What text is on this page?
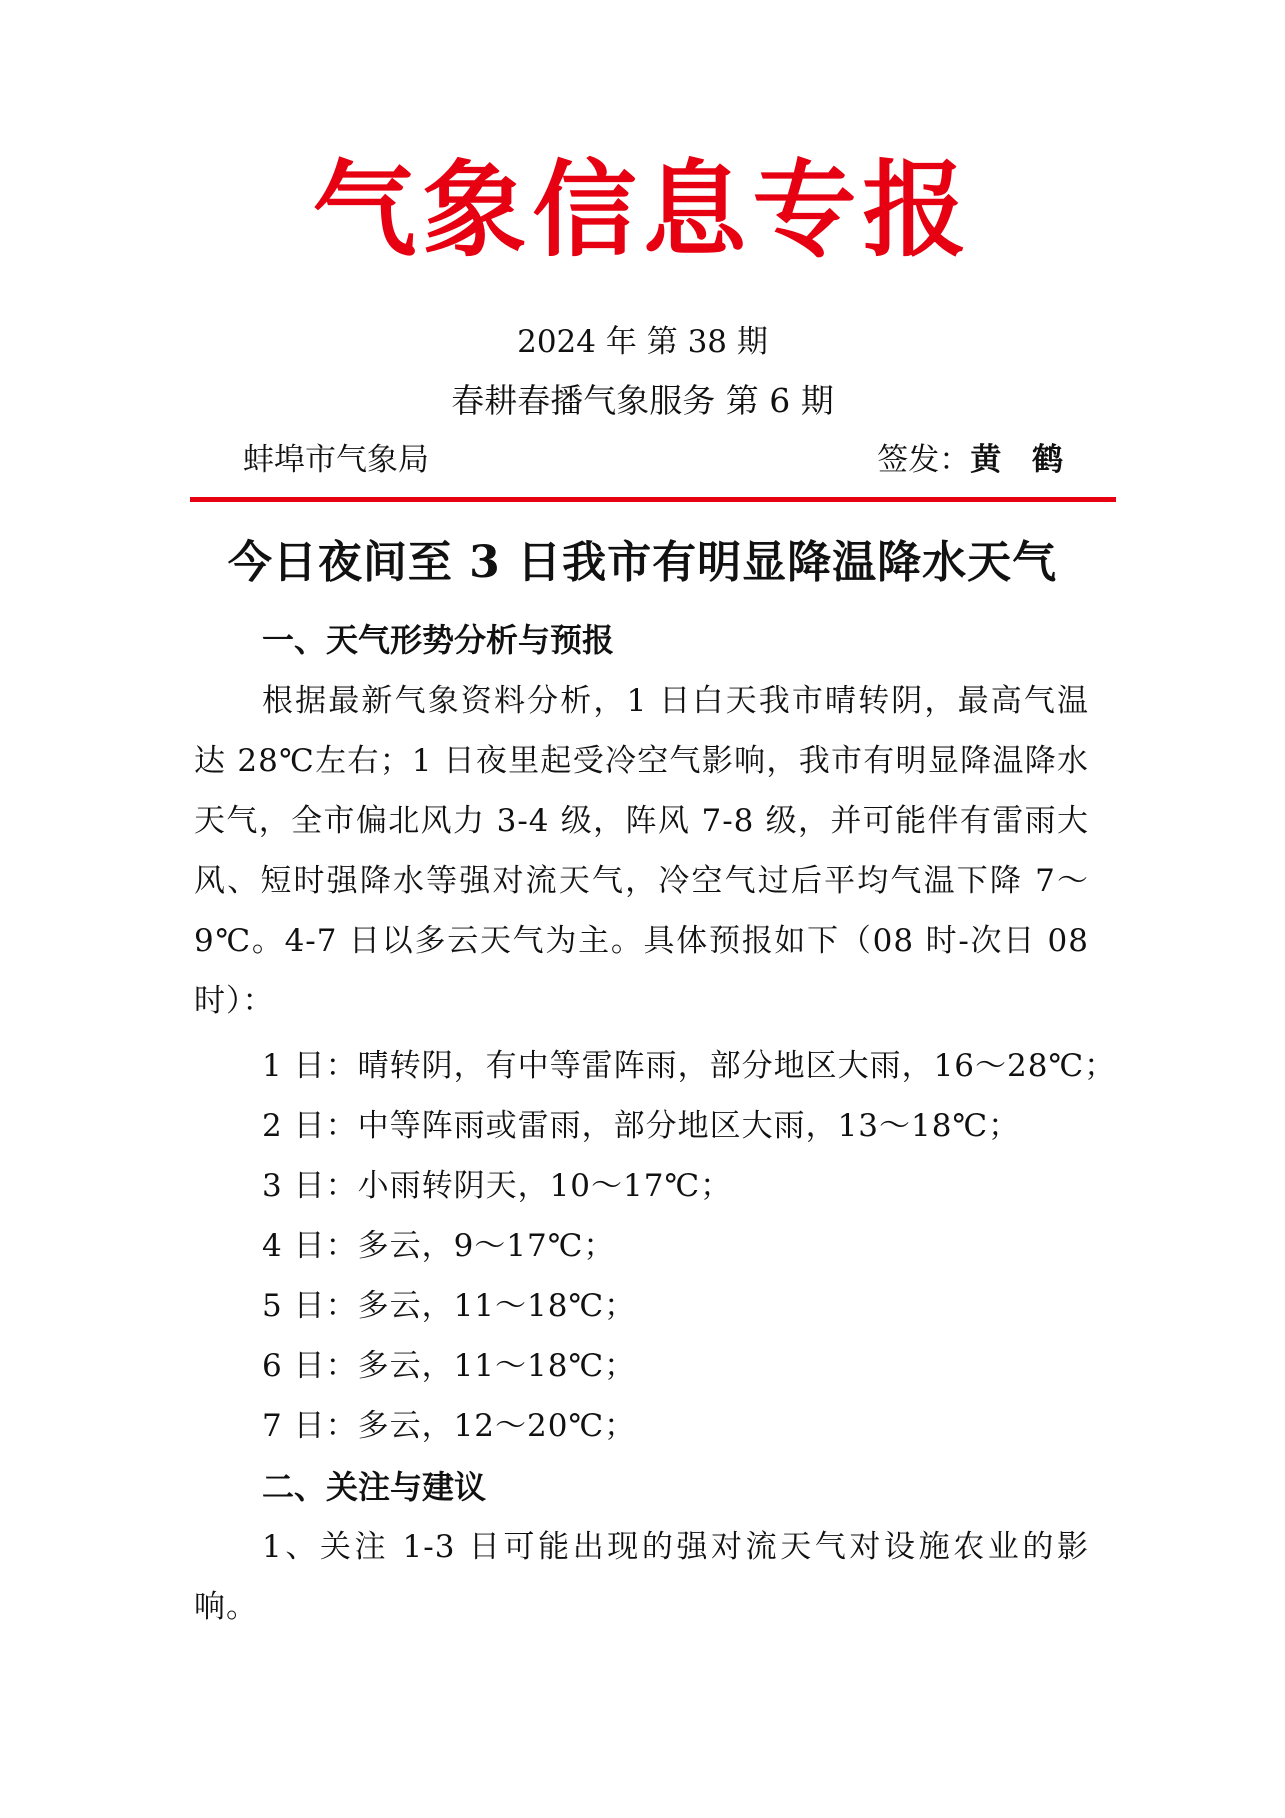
气象信息专报
2024 年 第 38 期
春耕春播气象服务 第 6 期
蚌埠市气象局	签发：黄 鹤
今日夜间至 3 日我市有明显降温降水天气
一、天气形势分析与预报
根据最新气象资料分析，1 日白天我市晴转阴，最高气温达 28℃左右；1 日夜里起受冷空气影响，我市有明显降温降水天气，全市偏北风力 3-4 级，阵风 7-8 级，并可能伴有雷雨大风、短时强降水等强对流天气，冷空气过后平均气温下降 7～9℃。4-7 日以多云天气为主。具体预报如下（08 时-次日 08 时）：
1 日：晴转阴，有中等雷阵雨，部分地区大雨，16～28℃；
2 日：中等阵雨或雷雨，部分地区大雨，13～18℃；
3 日：小雨转阴天，10～17℃；
4 日：多云，9～17℃；
5 日：多云，11～18℃；
6 日：多云，11～18℃；
7 日：多云，12～20℃；
二、关注与建议
1、关注 1-3 日可能出现的强对流天气对设施农业的影响。
